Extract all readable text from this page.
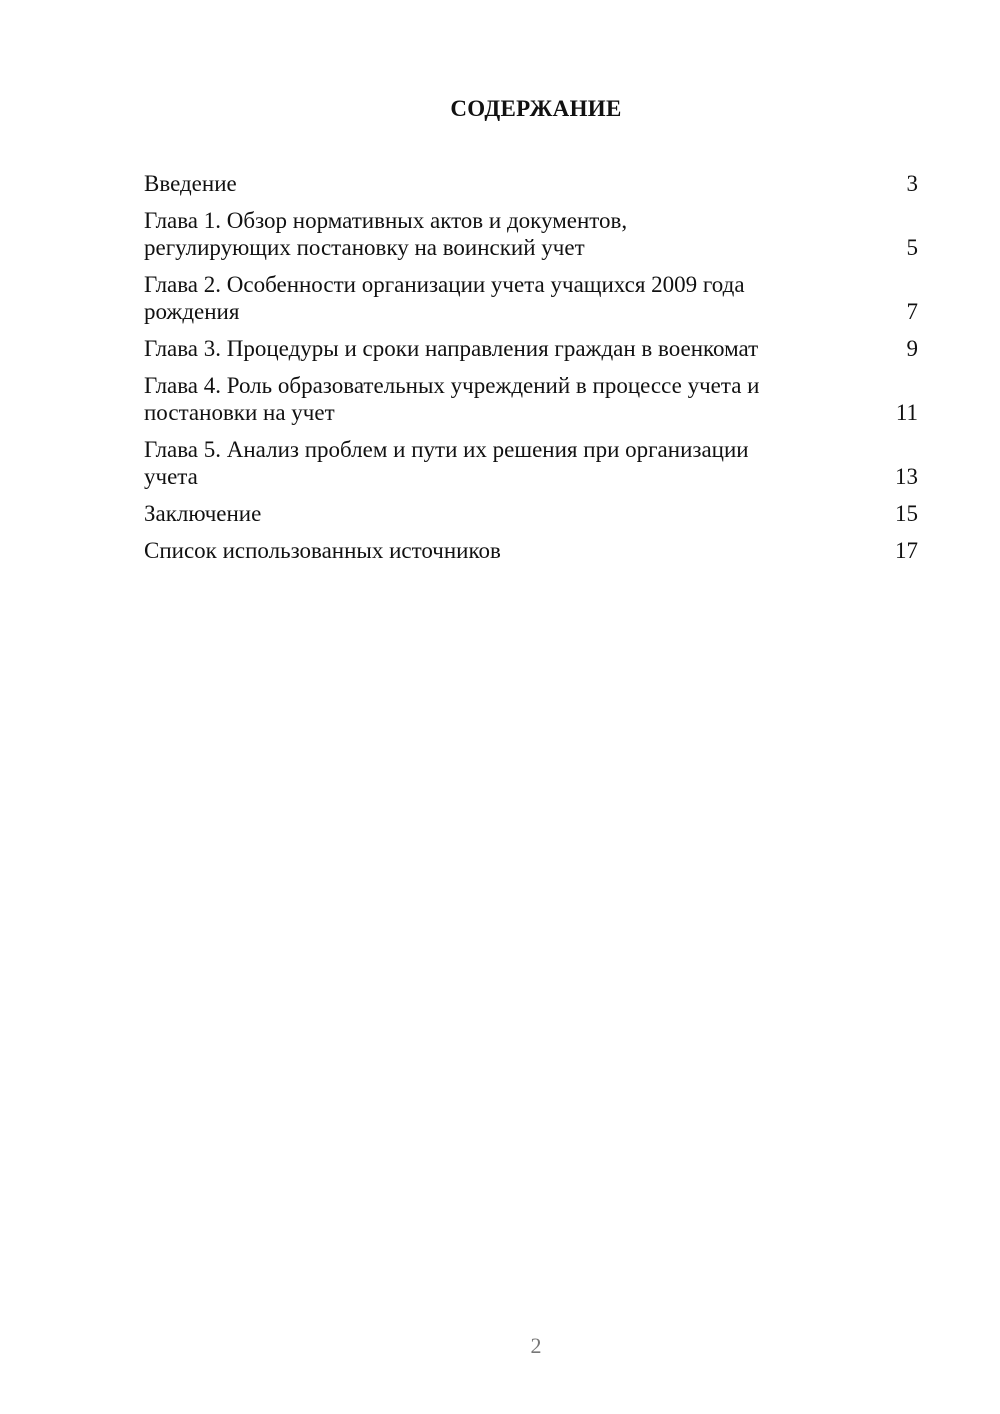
СОДЕРЖАНИЕ
Введение	3
Глава 1. Обзор нормативных актов и документов,
регулирующих постановку на воинский учет	5
Глава 2. Особенности организации учета учащихся 2009 года
рождения	7
Глава 3. Процедуры и сроки направления граждан в военкомат	9
Глава 4. Роль образовательных учреждений в процессе учета и
постановки на учет	11
Глава 5. Анализ проблем и пути их решения при организации
учета	13
Заключение	15
Список использованных источников	17
2
